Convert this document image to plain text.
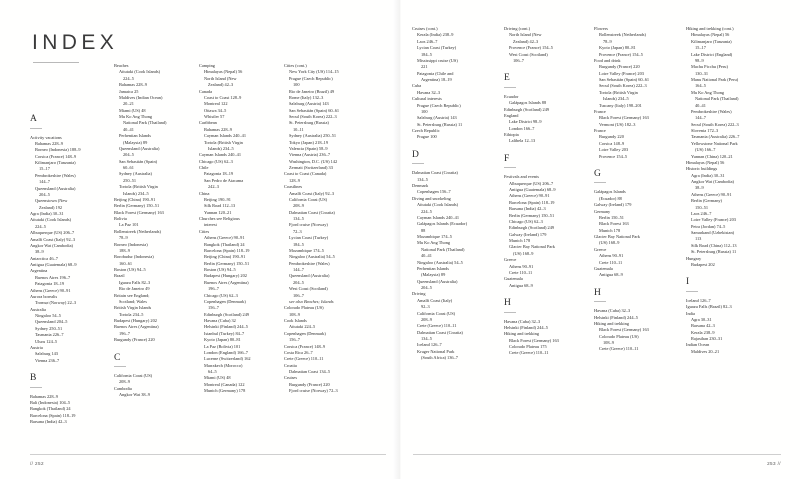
INDEX
A
Activity vacations
Bahamas 228–9
Borneo (Indonesia) 188–9
Corsica (France) 148–9
Kilimanjaro (Tanzania)
15–17
Pembrokeshire (Wales)
144–7
Queensland (Australia)
204–5
Queenstown (New
Zealand) 192
Agra (India) 30–31
Aitutaki (Cook Islands)
224–5
Albuquerque (US) 206–7
Amalfi Coast (Italy) 92–3
Angkor Wat (Cambodia)
38–9
Antarctica 46–7
Antigua (Guatemala) 68–9
Argentina
Buenos Aires 196–7
Patagonia 18–19
Athens (Greece) 90–91
Aurora borealis
Tromsø (Norway) 22–3
Australia
Ningaloo 54–5
Queensland 204–5
Sydney 250–51
Tasmania 226–7
Uluru 124–5
Austria
Salzburg 143
Vienna 236–7
B
Bahamas 228–9
Bali (Indonesia) 104–5
Bangkok (Thailand) 24
Barcelona (Spain) 118–19
Barsana (India) 42–3
Beaches
Aitutaki (Cook Islands)
224–5
Bahamas 228–9
Jamaica 25
Maldives (Indian Ocean)
20–21
Miami (US) 48
Mu Ko Ang Thong
National Park (Thailand)
40–41
Perhentian Islands
(Malaysia) 89
Queensland (Australia)
204–5
San Sebastián (Spain)
60–61
Sydney (Australia)
250–51
Tortola (British Virgin
Islands) 234–5
Beijing (China) 190–91
Berlin (Germany) 150–51
Black Forest (Germany) 163
Bolivia
La Paz 101
Bollenstreek (Netherlands)
78–9
Borneo (Indonesia)
188–9
Borobudur (Indonesia)
160–61
Boston (US) 94–5
Brazil
Iguazu Falls 82–3
Rio de Janeiro 49
Britain see England;
Scotland; Wales
British Virgin Islands
Tortola 234–5
Budapest (Hungary) 202
Buenos Aires (Argentina)
196–7
Burgundy (France) 220
C
California Coast (US)
208–9
Cambodia
Angkor Wat 38–9
Camping
Himalayas (Nepal) 56
North Island (New
Zealand) 42–3
Canada
Coast to Coast 128–9
Montreal 122
Ottawa 34–5
Whistler 57
Caribbean
Bahamas 228–9
Cayman Islands 240–41
Tortola (British Virgin
Islands) 234–5
Cayman Islands 240–41
Chicago (US) 62–3
Chile
Patagonia 18–19
San Pedro de Atacama
242–3
China
Beijing 190–91
Silk Road 112–13
Yunnan 120–21
Churches see Religious
interest
Cities
Athens (Greece) 90–91
Bangkok (Thailand) 24
Barcelona (Spain) 118–19
Beijing (China) 190–91
Berlin (Germany) 150–51
Boston (US) 94–5
Budapest (Hungary) 202
Buenos Aires (Argentina)
196–7
Chicago (US) 62–3
Copenhagen (Denmark)
156–7
Edinburgh (Scotland) 249
Havana (Cuba) 32
Helsinki (Finland) 244–5
Istanbul (Turkey) 84–7
Kyoto (Japan) 80–81
La Paz (Bolivia) 101
London (England) 166–7
Lucerne (Switzerland) 162
Marrakech (Morocco)
64–5
Miami (US) 48
Montreal (Canada) 122
Munich (Germany) 178
Cities (cont.)
New York City (US) 114–15
Prague (Czech Republic)
100
Rio de Janeiro (Brazil) 49
Rome (Italy) 132–3
Salzburg (Austria) 143
San Sebastián (Spain) 60–61
Seoul (South Korea) 222–3
St. Petersburg (Russia)
10–11
Sydney (Australia) 250–51
Tokyo (Japan) 218–19
Valencia (Spain) 58–9
Vienna (Austria) 236–7
Washington, D.C. (US) 142
Zermatt (Switzerland) 33
Coast to Coast (Canada)
128–9
Coastlines
Amalfi Coast (Italy) 92–3
California Coast (US)
208–9
Dalmatian Coast (Croatia)
134–5
Fjord cruise (Norway)
72–3
Lycian Coast (Turkey)
184–5
Mozambique 174–5
Ningaloo (Australia) 54–5
Pembrokeshire (Wales)
144–7
Queensland (Australia)
204–5
West Coast (Scotland)
106–7
see also Beaches; Islands
Colorado Plateau (US)
108–9
Cook Islands
Aitutaki 224–5
Copenhagen (Denmark)
156–7
Corsica (France) 148–9
Costa Rica 26–7
Crete (Greece) 110–11
Croatia
Dalmatian Coast 134–5
Cruises
Burgundy (France) 220
Fjord cruise (Norway) 72–3
// 252
Cruises (cont.)
Kerala (India) 238–9
Laos 246–7
Lycian Coast (Turkey)
184–5
Mississippi cruise (US)
221
Patagonia (Chile and
Argentina) 18–19
Cuba
Havana 32–3
Cultural interests
Prague (Czech Republic)
100
Salzburg (Austria) 143
St. Petersburg (Russia) 11
Czech Republic
Prague 100
D
Dalmatian Coast (Croatia)
134–5
Denmark
Copenhagen 156–7
Diving and snorkeling
Aitutaki (Cook Islands)
224–5
Cayman Islands 240–41
Galápagos Islands (Ecuador)
88
Mozambique 174–5
Mu Ko Ang Thong
National Park (Thailand)
40–41
Ningaloo (Australia) 54–5
Perhentian Islands
(Malaysia) 89
Queensland (Australia)
204–5
Driving
Amalfi Coast (Italy)
92–3
California Coast (US)
208–9
Crete (Greece) 110–11
Dalmatian Coast (Croatia)
134–5
Iceland 126–7
Kruger National Park
(South Africa) 136–7
Driving (cont.)
North Island (New
Zealand) 42–3
Provence (France) 154–5
West Coast (Scotland)
106–7
E
Ecuador
Galápagos Islands 88
Edinburgh (Scotland) 249
England
Lake District 98–9
London 166–7
Ethiopia
Lalibela 12–13
F
Festivals and events
Albuquerque (US) 206–7
Antigua (Guatemala) 68–9
Athens (Greece) 90–91
Barcelona (Spain) 118–19
Barsana (India) 42–3
Berlin (Germany) 150–51
Chicago (US) 62–3
Edinburgh (Scotland) 249
Galway (Ireland) 179
Munich 178
Glacier Bay National Park
(US) 168–9
Greece
Athens 90–91
Crete 110–11
Guatemala
Antigua 68–9
H
Havana (Cuba) 32–3
Helsinki (Finland) 244–5
Hiking and trekking
Black Forest (Germany) 163
Colorado Plateau 175
Crete (Greece) 110–11
Flowers
Bollenstreek (Netherlands)
78–9
Kyoto (Japan) 80–81
Provence (France) 154–5
Food and drink
Burgundy (France) 220
Loire Valley (France) 203
San Sebastián (Spain) 60–61
Seoul (South Korea) 222–3
Tortola (British Virgin
Islands) 234–5
Tuscany (Italy) 198–201
France
Black Forest (Germany) 163
Vermont (US) 182–3
France
Burgundy 220
Corsica 148–9
Loire Valley 203
Provence 154–5
G
Galápagos Islands
(Ecuador) 88
Galway (Ireland) 179
Germany
Berlin 150–51
Black Forest 163
Munich 178
Glacier Bay National Park
(US) 168–9
Greece
Athens 90–91
Crete 110–11
Guatemala
Antigua 68–9
H
Havana (Cuba) 32–3
Helsinki (Finland) 244–5
Hiking and trekking
Black Forest (Germany) 163
Colorado Plateau (US)
108–9
Crete (Greece) 110–11
Hiking and trekking (cont.)
Himalayas (Nepal) 56
Kilimanjaro (Tanzania)
15–17
Lake District (England)
98–9
Machu Picchu (Peru)
130–31
Manu National Park (Peru)
164–5
Mu Ko Ang Thong
National Park (Thailand)
40–41
Pembrokeshire (Wales)
144–7
Seoul (South Korea) 222–3
Slovenia 172–3
Tasmania (Australia) 226–7
Yellowstone National Park
(US) 166–7
Yunnan (China) 120–21
Himalayas (Nepal) 56
Historic buildings
Agra (India) 30–31
Angkor Wat (Cambodia)
38–9
Athens (Greece) 90–91
Berlin (Germany)
150–51
Laos 246–7
Loire Valley (France) 203
Petra (Jordan) 74–5
Samarkand (Uzbekistan)
113
Silk Road (China) 112–13
St. Petersburg (Russia) 11
Hungary
Budapest 202
I
Iceland 126–7
Iguazu Falls (Brazil) 82–3
India
Agra 30–31
Barsana 42–3
Kerala 238–9
Rajasthan 230–31
Indian Ocean
Maldives 20–21
253 //
